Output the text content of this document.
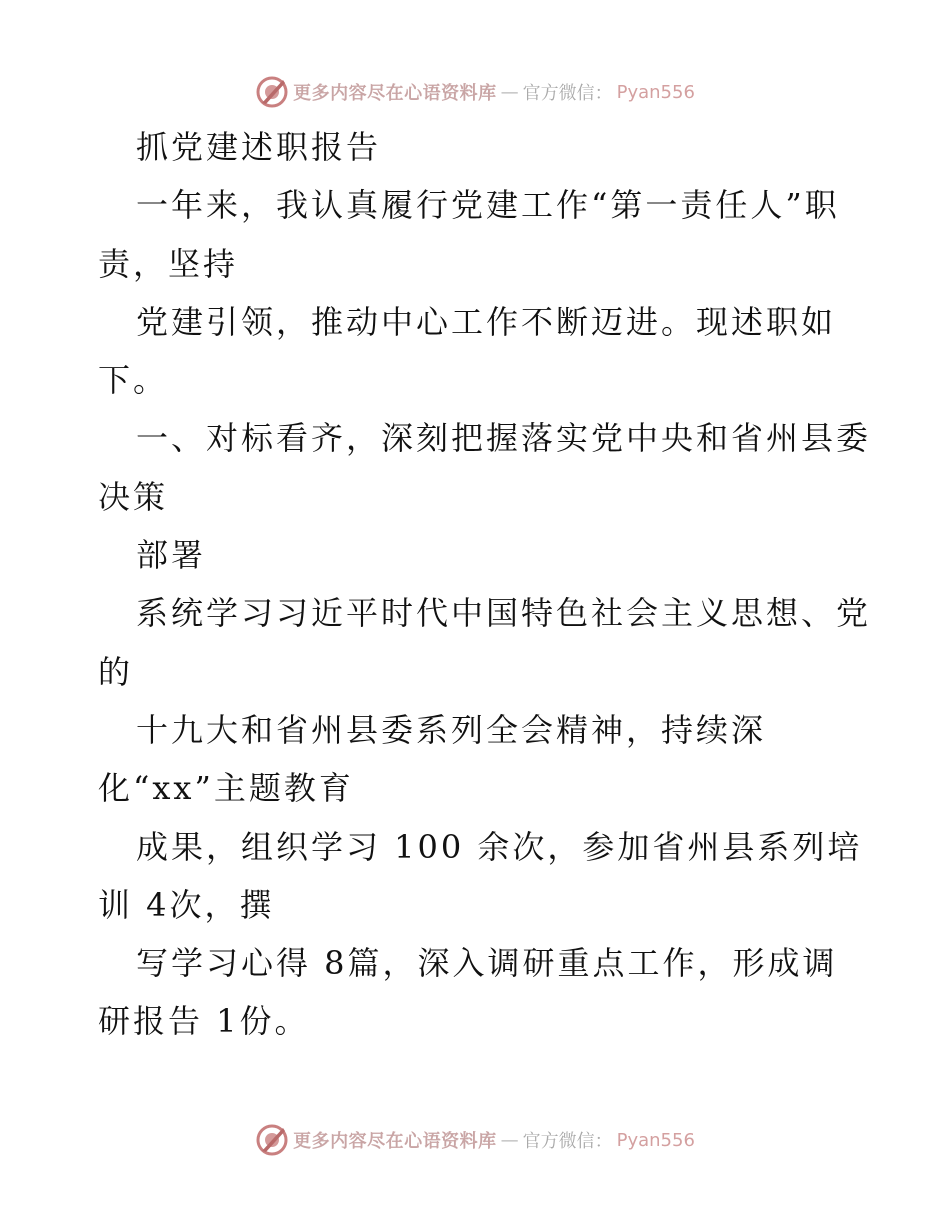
更多内容尽在心语资料库 — 官方微信： Pyan556
抓党建述职报告
一年来，我认真履行党建工作“第一责任人”职
责，坚持
党建引领，推动中心工作不断迈进。现述职如
下。
一、对标看齐，深刻把握落实党中央和省州县委
决策
部署
系统学习习近平时代中国特色社会主义思想、党
的
十九大和省州县委系列全会精神，持续深
化“xx”主题教育
成果，组织学习 100 余次，参加省州县系列培
训 4次，撰
写学习心得 8篇，深入调研重点工作，形成调
研报告 1份。
更多内容尽在心语资料库 — 官方微信： Pyan556
